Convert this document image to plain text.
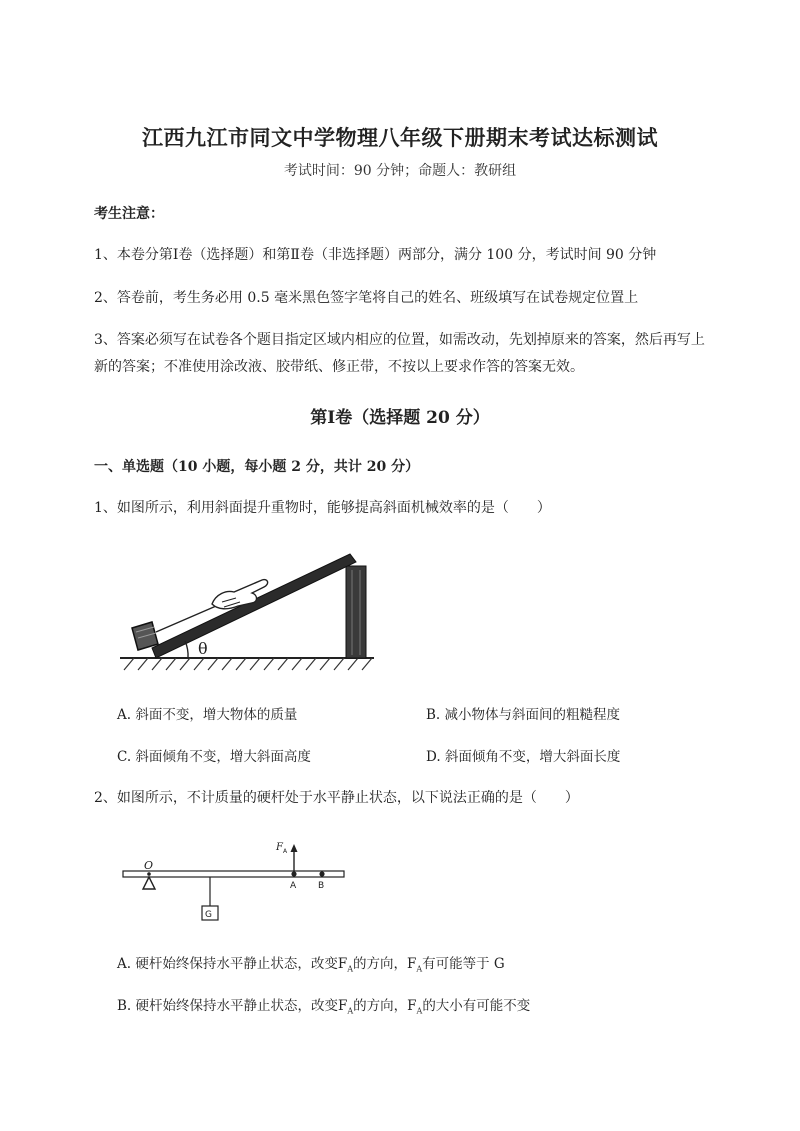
江西九江市同文中学物理八年级下册期末考试达标测试
考试时间：90 分钟；命题人：教研组
考生注意：
1、本卷分第Ⅰ卷（选择题）和第Ⅱ卷（非选择题）两部分，满分 100 分，考试时间 90 分钟
2、答卷前，考生务必用 0.5 毫米黑色签字笔将自己的姓名、班级填写在试卷规定位置上
3、答案必须写在试卷各个题目指定区域内相应的位置，如需改动，先划掉原来的答案，然后再写上新的答案；不准使用涂改液、胶带纸、修正带，不按以上要求作答的答案无效。
第Ⅰ卷（选择题 20 分）
一、单选题（10 小题，每小题 2 分，共计 20 分）
1、如图所示，利用斜面提升重物时，能够提高斜面机械效率的是（　　）
θ
A. 斜面不变，增大物体的质量	B. 减小物体与斜面间的粗糙程度
C. 斜面倾角不变，增大斜面高度	D. 斜面倾角不变，增大斜面长度
2、如图所示，不计质量的硬杆处于水平静止状态，以下说法正确的是（　　）
O
G
A B
F A
A. 硬杆始终保持水平静止状态，改变$F_A$的方向，$F_A$有可能等于 G
B. 硬杆始终保持水平静止状态，改变$F_A$的方向，$F_A$的大小有可能不变
